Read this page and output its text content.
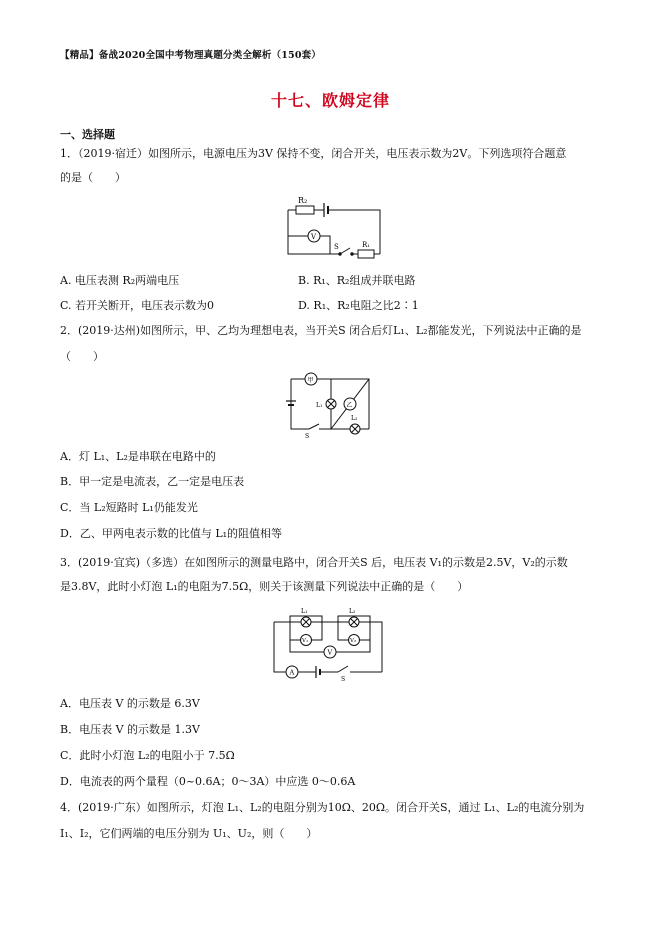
【精品】备战2020全国中考物理真题分类全解析（150套）
十七、欧姆定律
一、选择题
1．（2019·宿迁）如图所示，电源电压为3V 保持不变，闭合开关，电压表示数为2V。下列选项符合题意
的是（　　）
R₂
V
S	R₁
A. 电压表测 R₂两端电压	B. R₁、R₂组成并联电路
C. 若开关断开，电压表示数为0	D. R₁、R₂电阻之比2∶1
2．(2019·达州)如图所示，甲、乙均为理想电表，当开关S 闭合后灯L₁、L₂都能发光，下列说法中正确的是
（　　）
甲
乙
L₁
L₂
S
A．灯 L₁、L₂是串联在电路中的
B．甲一定是电流表，乙一定是电压表
C．当 L₂短路时 L₁仍能发光
D．乙、甲两电表示数的比值与 L₁的阻值相等
3．(2019·宜宾)（多选）在如图所示的测量电路中，闭合开关S 后，电压表 V₁的示数是2.5V，V₂的示数
是3.8V，此时小灯泡 L₁的电阻为7.5Ω，则关于该测量下列说法中正确的是（　　）
L₁	L₂
V₁	V₂
V
A
S
A．电压表 V 的示数是 6.3V
B．电压表 V 的示数是 1.3V
C．此时小灯泡 L₂的电阻小于 7.5Ω
D．电流表的两个量程（0~0.6A；0～3A）中应选 0～0.6A
4．(2019·广东）如图所示，灯泡 L₁、L₂的电阻分别为10Ω、20Ω。闭合开关S，通过 L₁、L₂的电流分别为
I₁、I₂，它们两端的电压分别为 U₁、U₂，则（　　）
